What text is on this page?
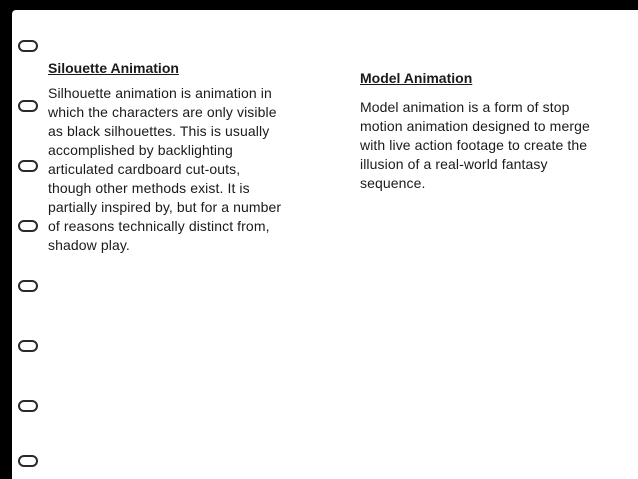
Silouette Animation

Silhouette animation is animation in which the characters are only visible as black silhouettes. This is usually accomplished by backlighting articulated cardboard cut-outs, though other methods exist. It is partially inspired by, but for a number of reasons technically distinct from, shadow play.

Model Animation

Model animation is a form of stop motion animation designed to merge with live action footage to create the illusion of a real-world fantasy sequence.
